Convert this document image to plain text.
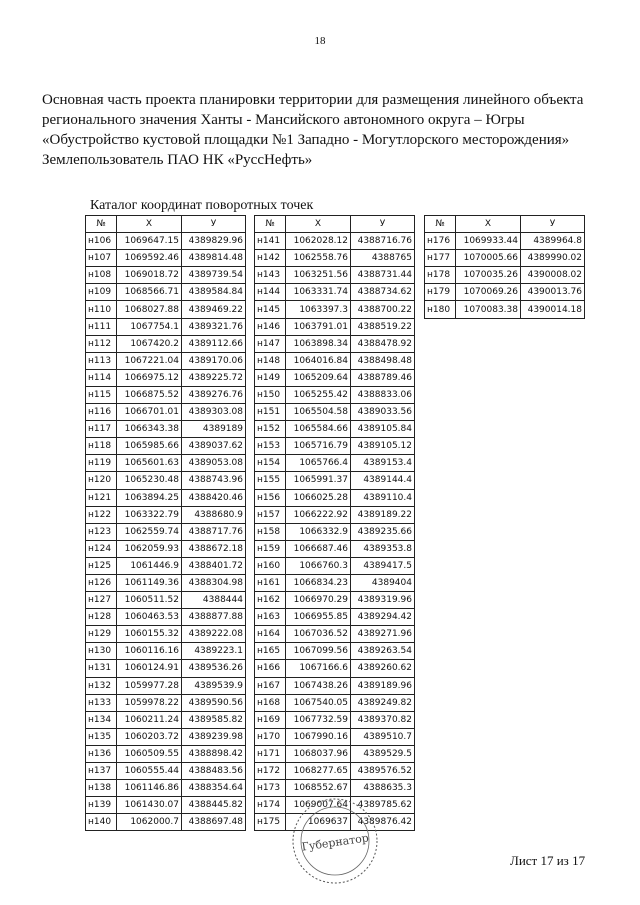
18
Основная часть проекта планировки территории для размещения линейного объекта
регионального значения Ханты - Мансийского автономного округа – Югры
«Обустройство кустовой площадки №1 Западно - Могутлорского месторождения»
Землепользователь ПАО НК «РуссНефть»
Каталог координат поворотных точек
№	X	У
н106	1069647.15	4389829.96
н107	1069592.46	4389814.48
н108	1069018.72	4389739.54
н109	1068566.71	4389584.84
н110	1068027.88	4389469.22
н111	1067754.1	4389321.76
н112	1067420.2	4389112.66
н113	1067221.04	4389170.06
н114	1066975.12	4389225.72
н115	1066875.52	4389276.76
н116	1066701.01	4389303.08
н117	1066343.38	4389189
н118	1065985.66	4389037.62
н119	1065601.63	4389053.08
н120	1065230.48	4388743.96
н121	1063894.25	4388420.46
н122	1063322.79	4388680.9
н123	1062559.74	4388717.76
н124	1062059.93	4388672.18
н125	1061446.9	4388401.72
н126	1061149.36	4388304.98
н127	1060511.52	4388444
н128	1060463.53	4388877.88
н129	1060155.32	4389222.08
н130	1060116.16	4389223.1
н131	1060124.91	4389536.26
н132	1059977.28	4389539.9
н133	1059978.22	4389590.56
н134	1060211.24	4389585.82
н135	1060203.72	4389239.98
н136	1060509.55	4388898.42
н137	1060555.44	4388483.56
н138	1061146.86	4388354.64
н139	1061430.07	4388445.82
н140	1062000.7	4388697.48
№	X	У
н141	1062028.12	4388716.76
н142	1062558.76	4388765
н143	1063251.56	4388731.44
н144	1063331.74	4388734.62
н145	1063397.3	4388700.22
н146	1063791.01	4388519.22
н147	1063898.34	4388478.92
н148	1064016.84	4388498.48
н149	1065209.64	4388789.46
н150	1065255.42	4388833.06
н151	1065504.58	4389033.56
н152	1065584.66	4389105.84
н153	1065716.79	4389105.12
н154	1065766.4	4389153.4
н155	1065991.37	4389144.4
н156	1066025.28	4389110.4
н157	1066222.92	4389189.22
н158	1066332.9	4389235.66
н159	1066687.46	4389353.8
н160	1066760.3	4389417.5
н161	1066834.23	4389404
н162	1066970.29	4389319.96
н163	1066955.85	4389294.42
н164	1067036.52	4389271.96
н165	1067099.56	4389263.54
н166	1067166.6	4389260.62
н167	1067438.26	4389189.96
н168	1067540.05	4389249.82
н169	1067732.59	4389370.82
н170	1067990.16	4389510.7
н171	1068037.96	4389529.5
н172	1068277.65	4389576.52
н173	1068552.67	4388635.3
н174	1069007.64	4389785.62
н175	1069637	4389876.42
№	X	У
н176	1069933.44	4389964.8
н177	1070005.66	4389990.02
н178	1070035.26	4390008.02
н179	1070069.26	4390013.76
н180	1070083.38	4390014.18
Губернатор
Лист 17 из 17
